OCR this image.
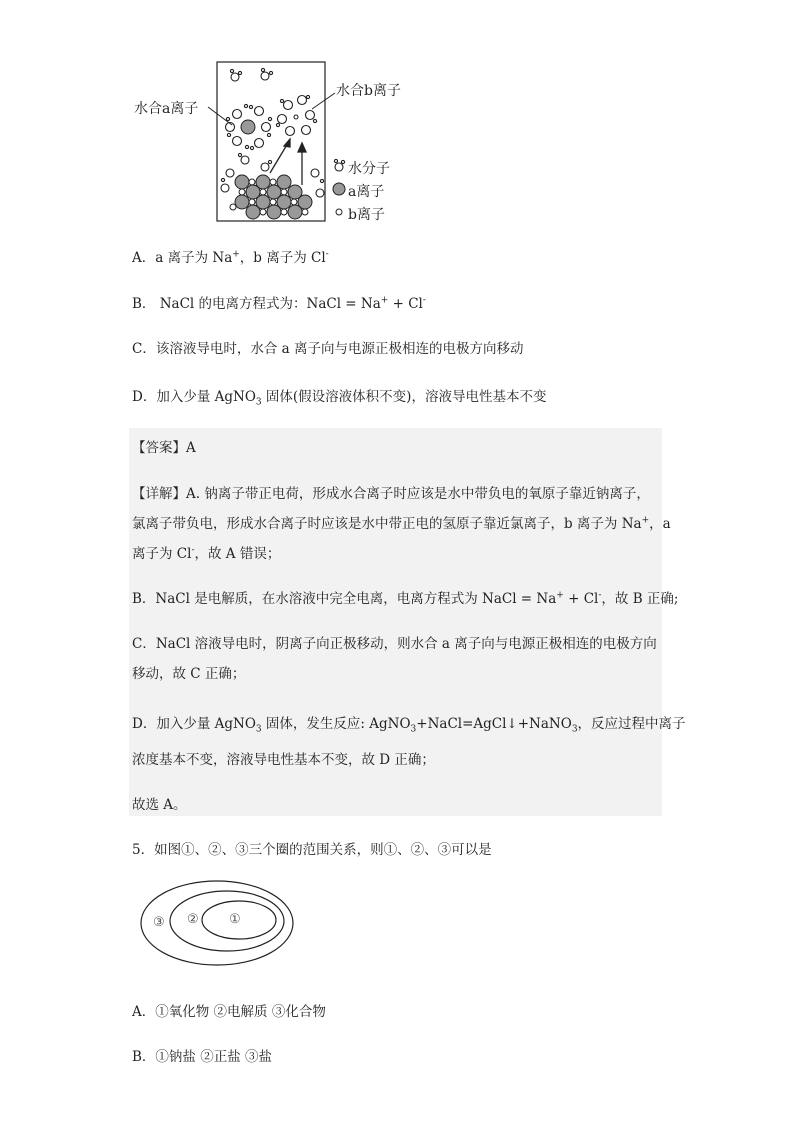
水合a离子
水合b离子
水分子
a离子
b离子
A．a 离子为 Na+，b 离子为 Cl-
B． NaCl 的电离方程式为：NaCl = Na+ + Cl-
C．该溶液导电时，水合 a 离子向与电源正极相连的电极方向移动
D．加入少量 AgNO$_3$ 固体(假设溶液体积不变)，溶液导电性基本不变
【答案】A
【详解】A. 钠离子带正电荷，形成水合离子时应该是水中带负电的氧原子靠近钠离子，
氯离子带负电，形成水合离子时应该是水中带正电的氢原子靠近氯离子，b 离子为 Na+，a
离子为 Cl-，故 A 错误；
B．NaCl 是电解质，在水溶液中完全电离，电离方程式为 NaCl = Na+ + Cl-，故 B 正确;
C．NaCl 溶液导电时，阴离子向正极移动，则水合 a 离子向与电源正极相连的电极方向
移动，故 C 正确；
D．加入少量 AgNO$_3$ 固体，发生反应: AgNO$_3$+NaCl=AgCl↓+NaNO$_3$，反应过程中离子
浓度基本不变，溶液导电性基本不变，故 D 正确；
故选 A。
5．如图①、②、③三个圈的范围关系，则①、②、③可以是
①
②
③
A．①氧化物 ②电解质 ③化合物
B．①钠盐 ②正盐 ③盐
